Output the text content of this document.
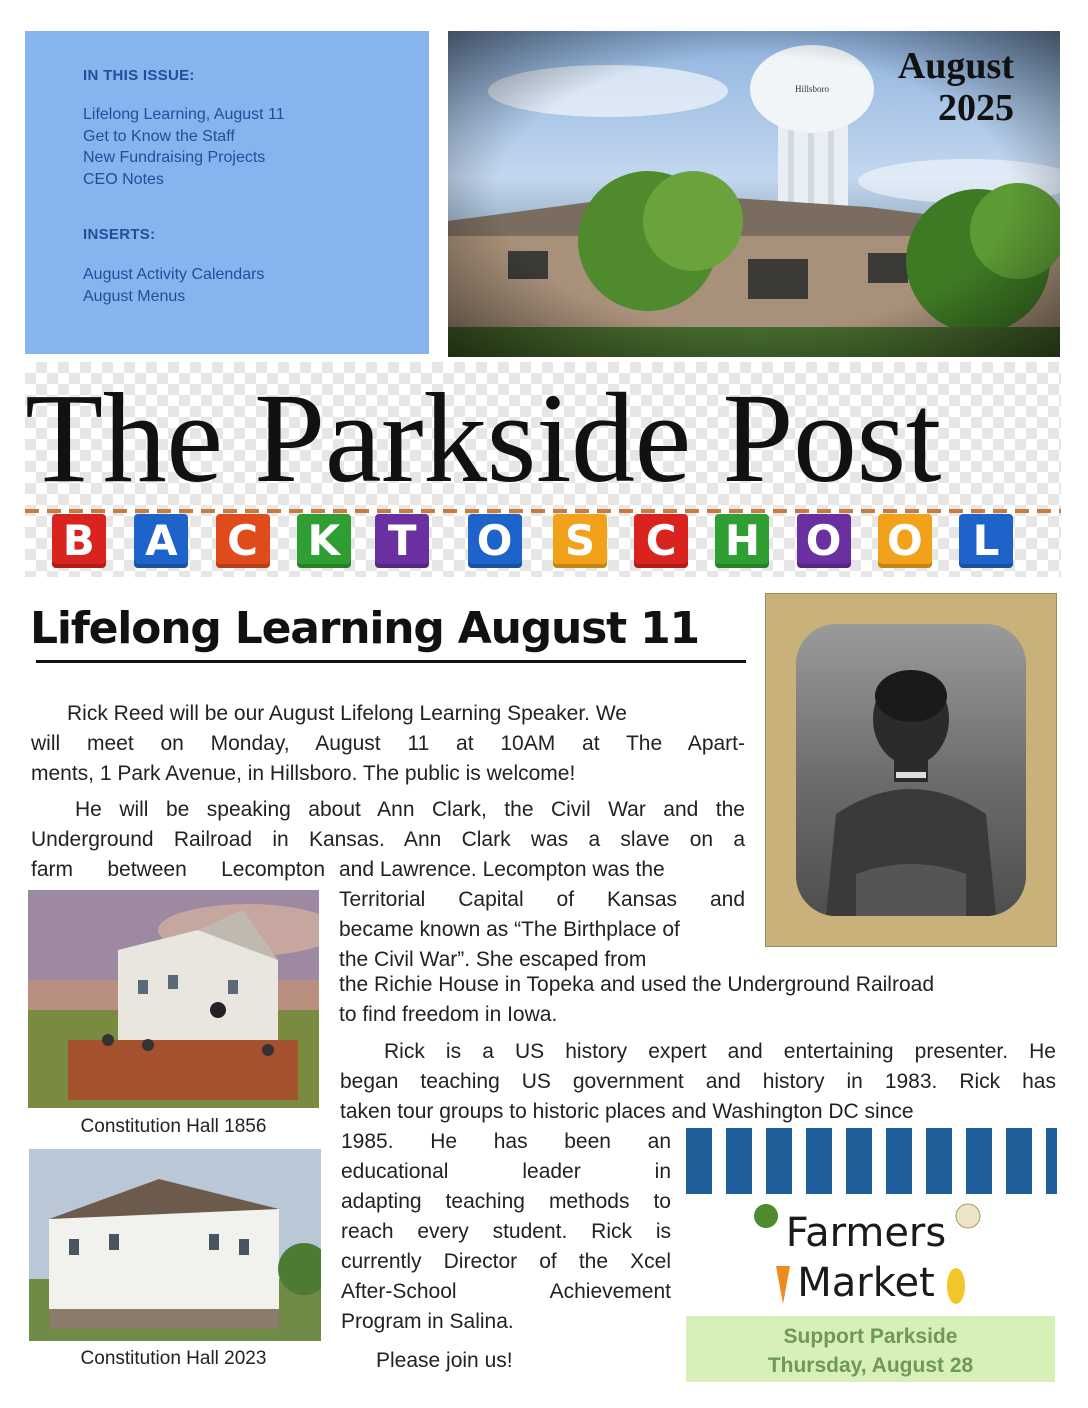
IN THIS ISSUE:
Lifelong Learning, August 11
Get to Know the Staff
New Fundraising Projects
CEO Notes
INSERTS:
August Activity Calendars
August Menus
August
2025
The Parkside Post
B A C K	T	O S C H O O	L
Lifelong Learning August 11
Rick Reed will be our August Lifelong Learning Speaker. We
will meet on Monday, August 11 at 10AM at The Apart-
ments, 1 Park Avenue, in Hillsboro. The public is welcome!
He will be speaking about Ann Clark, the Civil War and the
Underground Railroad in Kansas. Ann Clark was a slave on a
farm between Lecompton and Lawrence. Lecompton was the
Territorial Capital of Kansas and
became known as “The Birthplace of
the Civil War”. She escaped from
the Richie House in Topeka and used the Underground Railroad
to find freedom in Iowa.
Rick is a US history expert and entertaining presenter. He
began teaching US government and history in 1983. Rick has
taken tour groups to historic places and Washington DC since
1985. He has been an
educational leader in
adapting teaching methods to
reach every student. Rick is
currently Director of the Xcel
After-School Achievement
Program in Salina.
Please join us!
Constitution Hall 1856
Constitution Hall 2023
Farmers
Market
Support Parkside
Thursday, August 28
